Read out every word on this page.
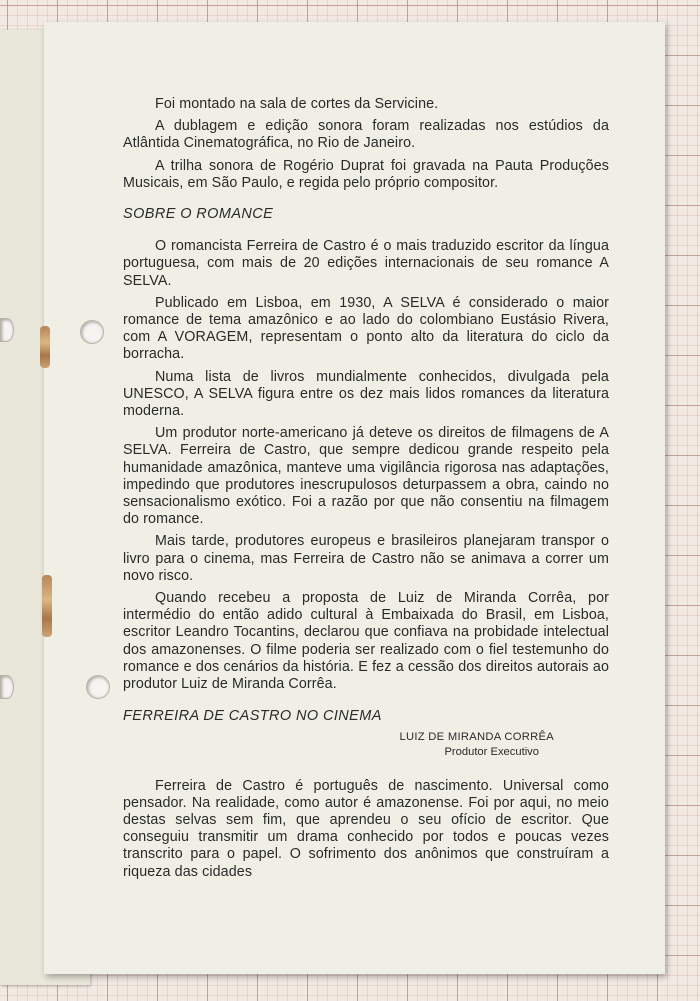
Foi montado na sala de cortes da Servicine.

A dublagem e edição sonora foram realizadas nos estúdios da Atlântida Cinematográfica, no Rio de Janeiro.

A trilha sonora de Rogério Duprat foi gravada na Pauta Produções Musicais, em São Paulo, e regida pelo próprio compositor.

SOBRE O ROMANCE

O romancista Ferreira de Castro é o mais traduzido escritor da língua portuguesa, com mais de 20 edições internacionais de seu romance A SELVA.

Publicado em Lisboa, em 1930, A SELVA é considerado o maior romance de tema amazônico e ao lado do colombiano Eustásio Rivera, com A VORAGEM, representam o ponto alto da literatura do ciclo da borracha.

Numa lista de livros mundialmente conhecidos, divulgada pela UNESCO, A SELVA figura entre os dez mais lidos romances da literatura moderna.

Um produtor norte-americano já deteve os direitos de filmagens de A SELVA. Ferreira de Castro, que sempre dedicou grande respeito pela humanidade amazônica, manteve uma vigilância rigorosa nas adaptações, impedindo que produtores inescrupulosos deturpassem a obra, caindo no sensacionalismo exótico. Foi a razão por que não consentiu na filmagem do romance.

Mais tarde, produtores europeus e brasileiros planejaram transpor o livro para o cinema, mas Ferreira de Castro não se animava a correr um novo risco.

Quando recebeu a proposta de Luiz de Miranda Corrêa, por intermédio do então adido cultural à Embaixada do Brasil, em Lisboa, escritor Leandro Tocantins, declarou que confiava na probidade intelectual dos amazonenses. O filme poderia ser realizado com o fiel testemunho do romance e dos cenários da história. E fez a cessão dos direitos autorais ao produtor Luiz de Miranda Corrêa.

FERREIRA DE CASTRO NO CINEMA
LUIZ DE MIRANDA CORRÊA
Produtor Executivo

Ferreira de Castro é português de nascimento. Universal como pensador. Na realidade, como autor é amazonense. Foi por aqui, no meio destas selvas sem fim, que aprendeu o seu ofício de escritor. Que conseguiu transmitir um drama conhecido por todos e poucas vezes transcrito para o papel. O sofrimento dos anônimos que construíram a riqueza das cidades
